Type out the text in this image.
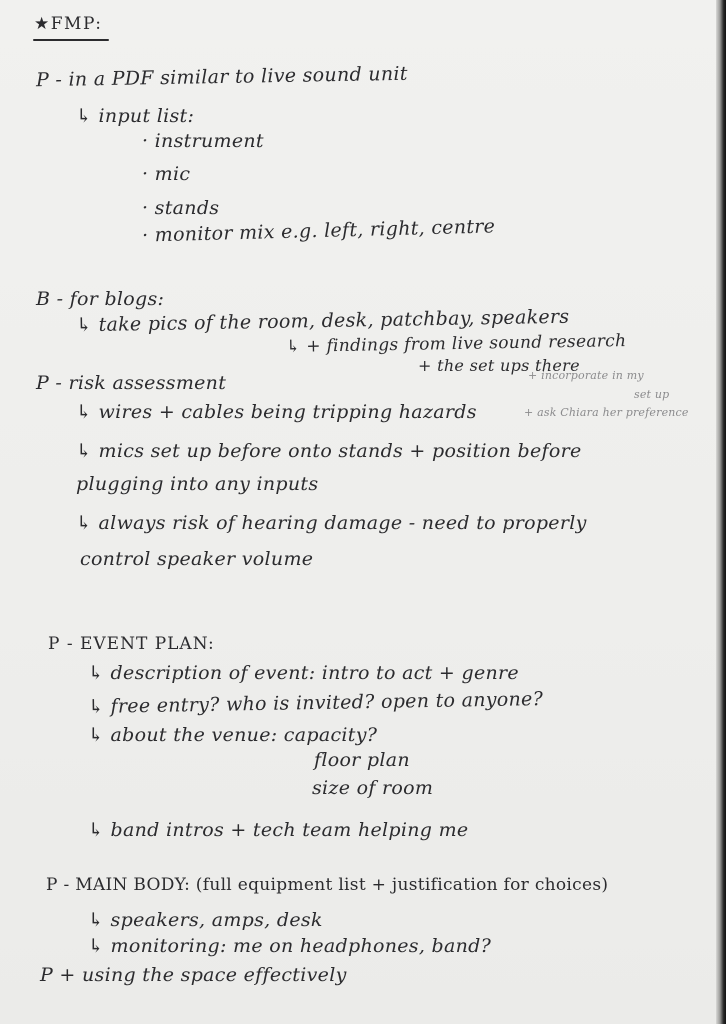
★FMP:
P - in a PDF similar to live sound unit
↳ input list:
· instrument
· mic
· stands
· monitor mix e.g. left, right, centre
B - for blogs:
↳ take pics of the room, desk, patchbay, speakers
↳ + findings from live sound research
+ the set ups there
P - risk assessment	+ incorporate in my
set up
+ ask Chiara her preference
↳ wires + cables being tripping hazards
↳ mics set up before onto stands + position before
plugging into any inputs
↳ always risk of hearing damage - need to properly
control speaker volume
P - EVENT PLAN:
↳ description of event: intro to act + genre
↳ free entry? who is invited? open to anyone?
↳ about the venue: capacity?
floor plan
size of room
↳ band intros + tech team helping me
P - MAIN BODY: (full equipment list + justification for choices)
↳ speakers, amps, desk
↳ monitoring: me on headphones, band?
P + using the space effectively
